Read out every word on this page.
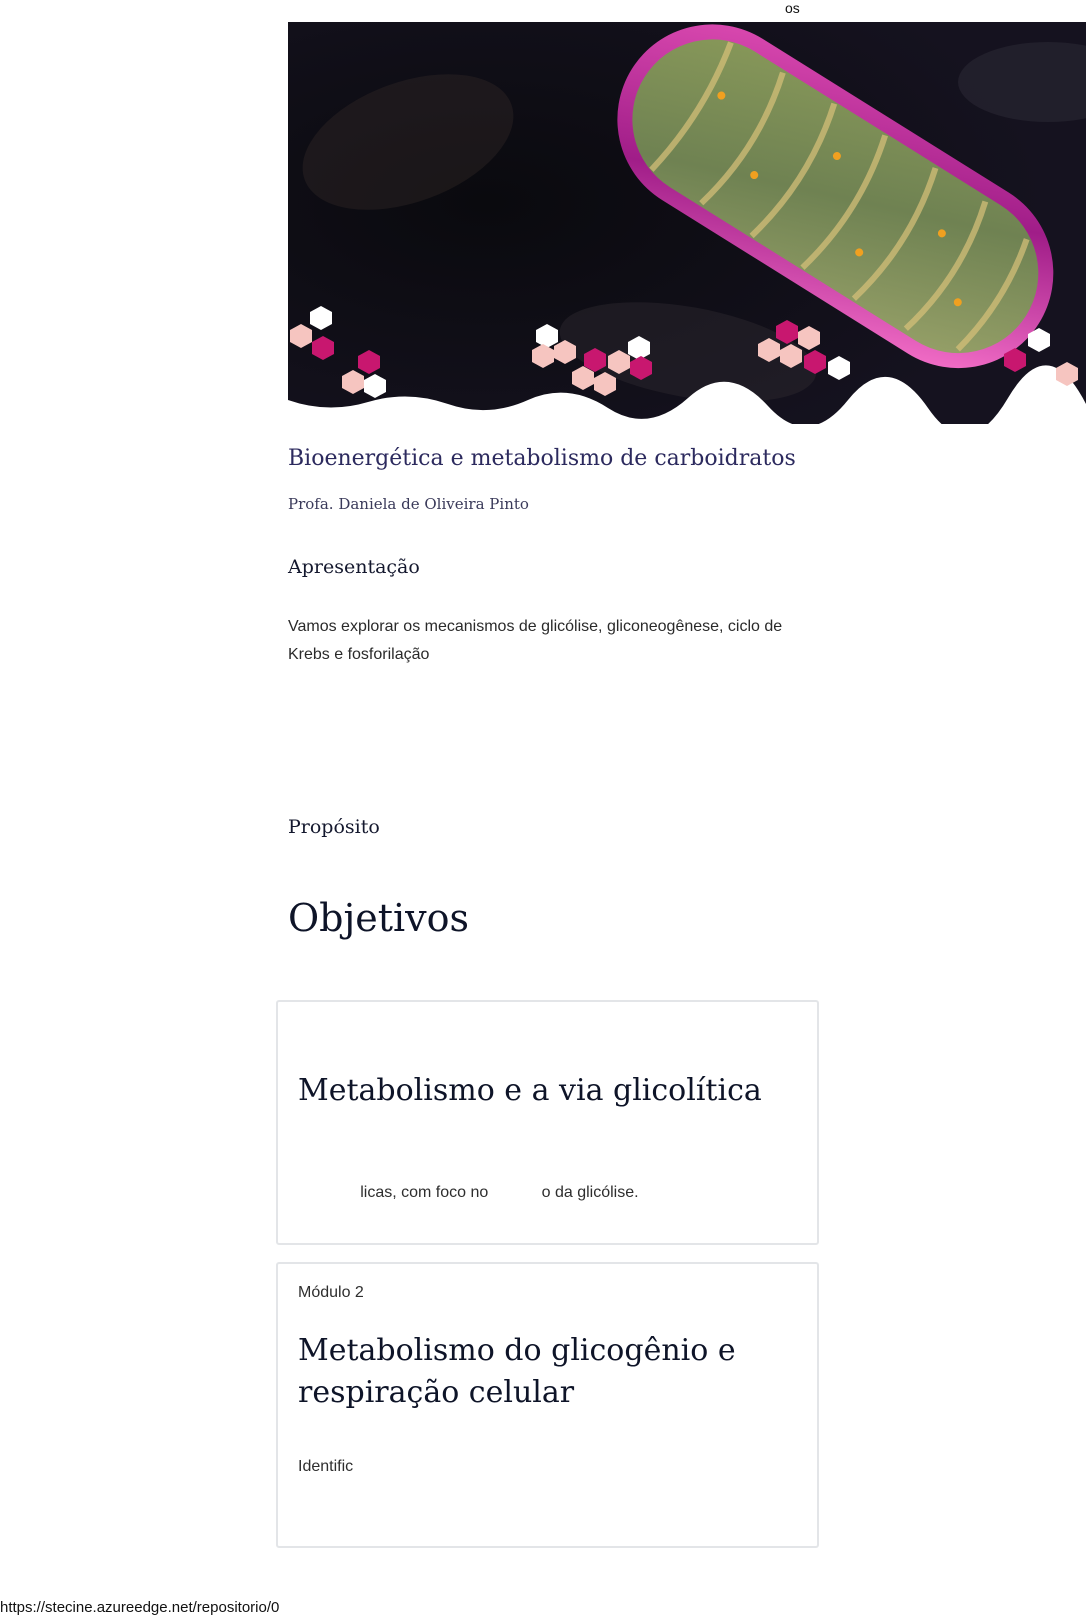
os
Bioenergética e metabolismo de carboidratos
Profa. Daniela de Oliveira Pinto
Apresentação
Vamos explorar os mecanismos de glicólise, gliconeogênese, ciclo de Krebs e fosforilação
Propósito
Objetivos
Metabolismo e a via glicolítica
licas, com foco no            o da glicólise.
Módulo 2
Metabolismo do glicogênio e respiração celular
Identific
https://stecine.azureedge.net/repositorio/0
